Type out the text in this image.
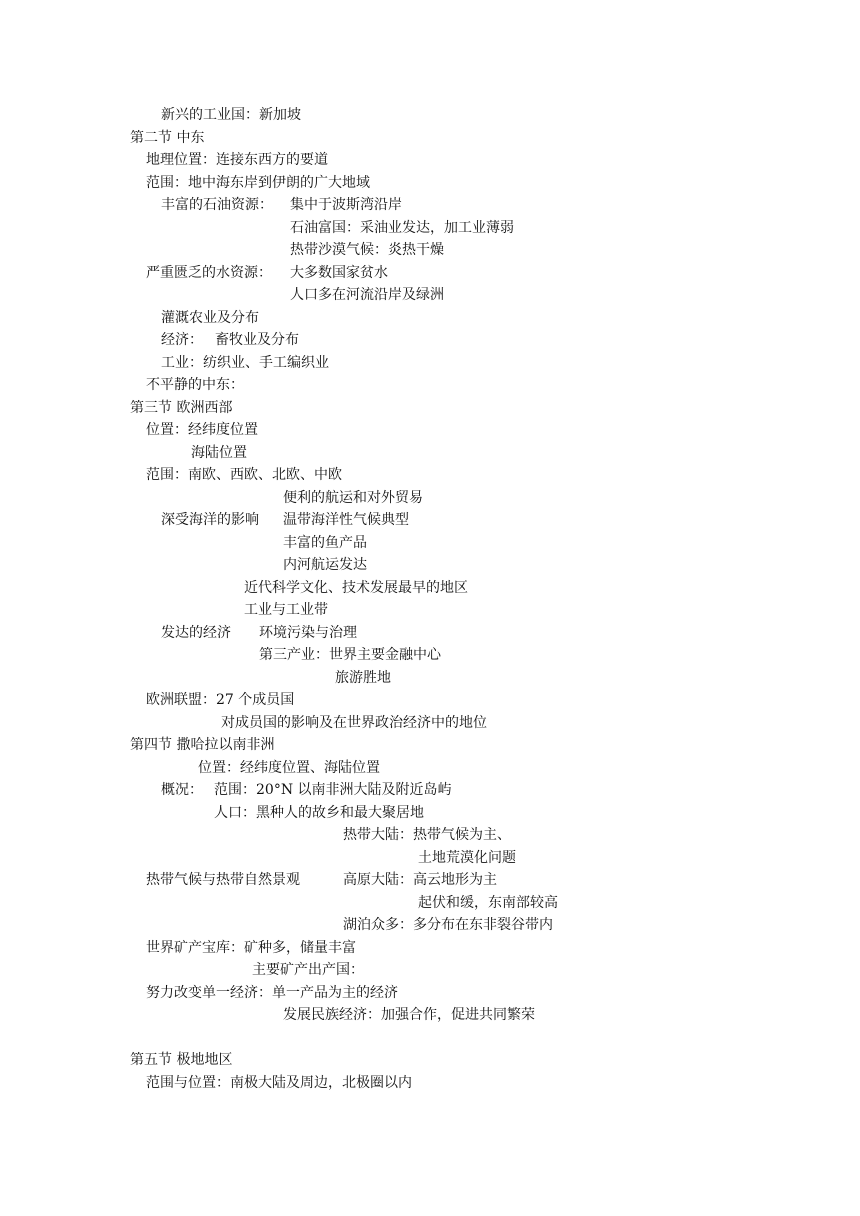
新兴的工业国：新加坡
第二节 中东
地理位置：连接东西方的要道
范围：地中海东岸到伊朗的广大地域
丰富的石油资源： 集中于波斯湾沿岸
石油富国：采油业发达，加工业薄弱
热带沙漠气候：炎热干燥
严重匮乏的水资源： 大多数国家贫水
人口多在河流沿岸及绿洲
灌溉农业及分布
经济： 畜牧业及分布
工业：纺织业、手工编织业
不平静的中东：
第三节 欧洲西部
位置：经纬度位置
海陆位置
范围：南欧、西欧、北欧、中欧
便利的航运和对外贸易
深受海洋的影响 温带海洋性气候典型
丰富的鱼产品
内河航运发达
近代科学文化、技术发展最早的地区
工业与工业带
发达的经济 环境污染与治理
第三产业：世界主要金融中心
旅游胜地
欧洲联盟：27 个成员国
对成员国的影响及在世界政治经济中的地位
第四节 撒哈拉以南非洲
位置：经纬度位置、海陆位置
概况： 范围：20°N 以南非洲大陆及附近岛屿
人口：黑种人的故乡和最大聚居地
热带大陆：热带气候为主、
土地荒漠化问题
热带气候与热带自然景观	高原大陆：高云地形为主
起伏和缓，东南部较高
湖泊众多：多分布在东非裂谷带内
世界矿产宝库：矿种多，储量丰富
主要矿产出产国：
努力改变单一经济：单一产品为主的经济
发展民族经济：加强合作，促进共同繁荣
第五节 极地地区
范围与位置：南极大陆及周边，北极圈以内
